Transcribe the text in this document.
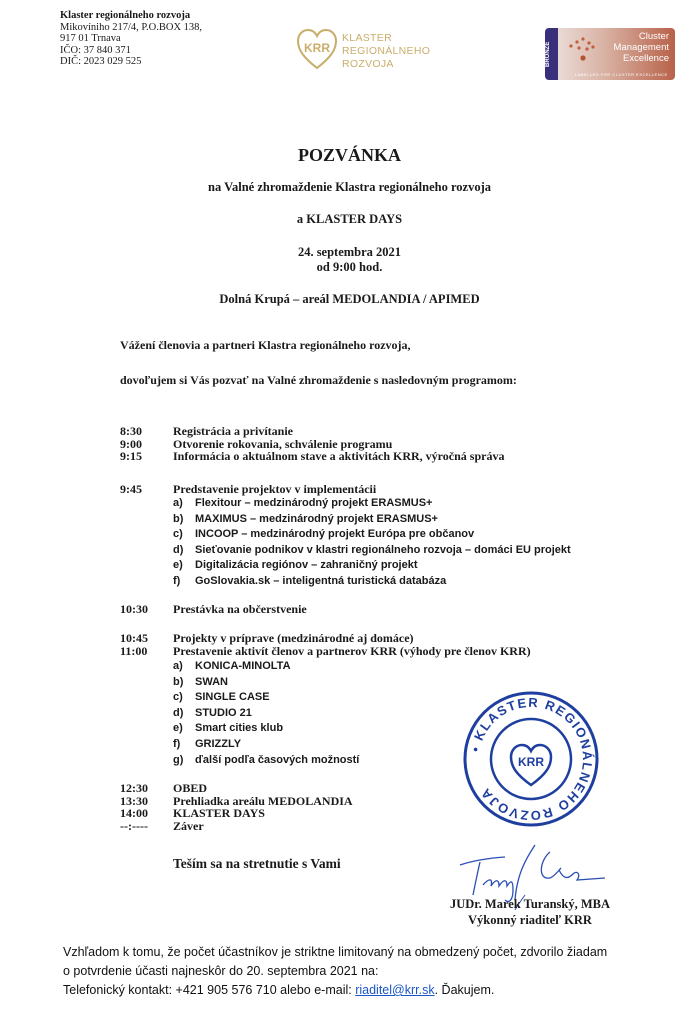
Klaster regionálneho rozvoja
Mikovíniho 217/4, P.O.BOX 138,
917 01 Trnava
IČO: 37 840 371
DIČ: 2023 029 525
KRR
KLASTER
REGIONÁLNEHO
ROZVOJA	BRONZE
Cluster
Management
Excellence
LABELLED FOR CLUSTER EXCELLENCE
POZVÁNKA
na Valné zhromaždenie Klastra regionálneho rozvoja
a KLASTER DAYS
24. septembra 2021
od 9:00 hod.
Dolná Krupá – areál MEDOLANDIA / APIMED
Vážení členovia a partneri Klastra regionálneho rozvoja,
dovoľujem si Vás pozvať na Valné zhromaždenie s nasledovným programom:
8:30	Registrácia a privítanie
9:00	Otvorenie rokovania, schválenie programu
9:15	Informácia o aktuálnom stave a aktivitách KRR, výročná správa
9:45	Predstavenie projektov v implementácii
a) Flexitour – medzinárodný projekt ERASMUS+
b) MAXIMUS – medzinárodný projekt ERASMUS+
c) INCOOP – medzinárodný projekt Európa pre občanov
d) Sieťovanie podnikov v klastri regionálneho rozvoja – domáci EU projekt
e) Digitalizácia regiónov – zahraničný projekt
f) GoSlovakia.sk – inteligentná turistická databáza
10:30 Prestávka na občerstvenie
10:45 Projekty v príprave (medzinárodné aj domáce)
11:00 Prestavenie aktivít členov a partnerov KRR (výhody pre členov KRR)
a) KONICA-MINOLTA
b) SWAN
c) SINGLE CASE
d) STUDIO 21
e) Smart cities klub
f) GRIZZLY
g) ďalší podľa časových možností
12:30 OBED
13:30 Prehliadka areálu MEDOLANDIA
14:00 KLASTER DAYS
--:---- Záver
Teším sa na stretnutie s Vami
• KLASTER REGIONÁLNEHO ROZVOJA
KRR
JUDr. Marek Turanský, MBA
Výkonný riaditeľ KRR
Vzhľadom k tomu, že počet účastníkov je striktne limitovaný na obmedzený počet, zdvorilo žiadam
o potvrdenie účasti najneskôr do 20. septembra 2021 na:
Telefonický kontakt: +421 905 576 710 alebo e-mail: riaditel@krr.sk. Ďakujem.
